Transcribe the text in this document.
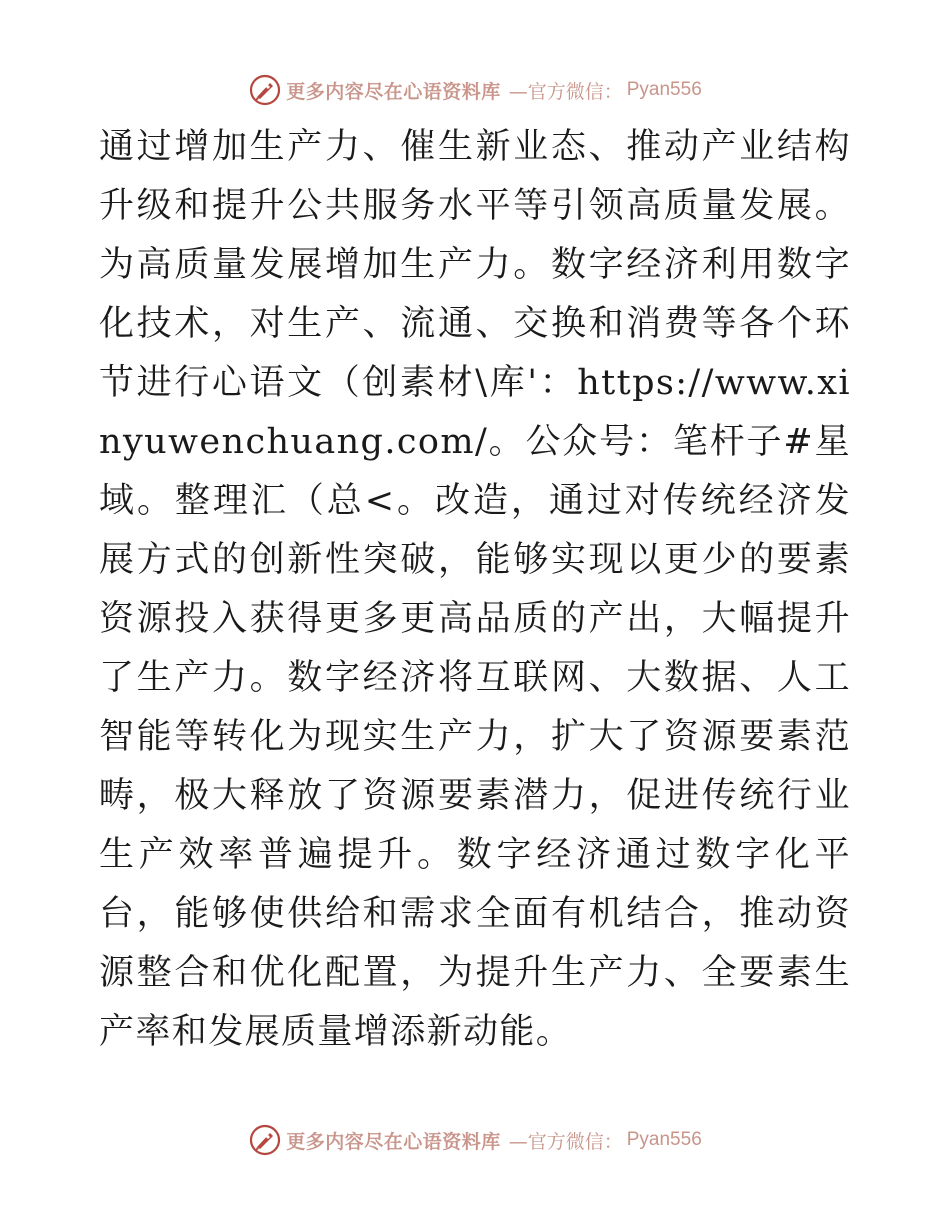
更多内容尽在心语资料库 —官方微信： Pyan556

通过增加生产力、催生新业态、推动产业结构升级和提升公共服务水平等引领高质量发展。为高质量发展增加生产力。数字经济利用数字化技术，对生产、流通、交换和消费等各个环节进行心语文（创素材\库'：https://www.xinyuwenchuang.com/。公众号：笔杆子#星域。整理汇（总<。改造，通过对传统经济发展方式的创新性突破，能够实现以更少的要素资源投入获得更多更高品质的产出，大幅提升了生产力。数字经济将互联网、大数据、人工智能等转化为现实生产力，扩大了资源要素范畴，极大释放了资源要素潜力，促进传统行业生产效率普遍提升。数字经济通过数字化平台，能够使供给和需求全面有机结合，推动资源整合和优化配置，为提升生产力、全要素生产率和发展质量增添新动能。

更多内容尽在心语资料库 —官方微信： Pyan556
